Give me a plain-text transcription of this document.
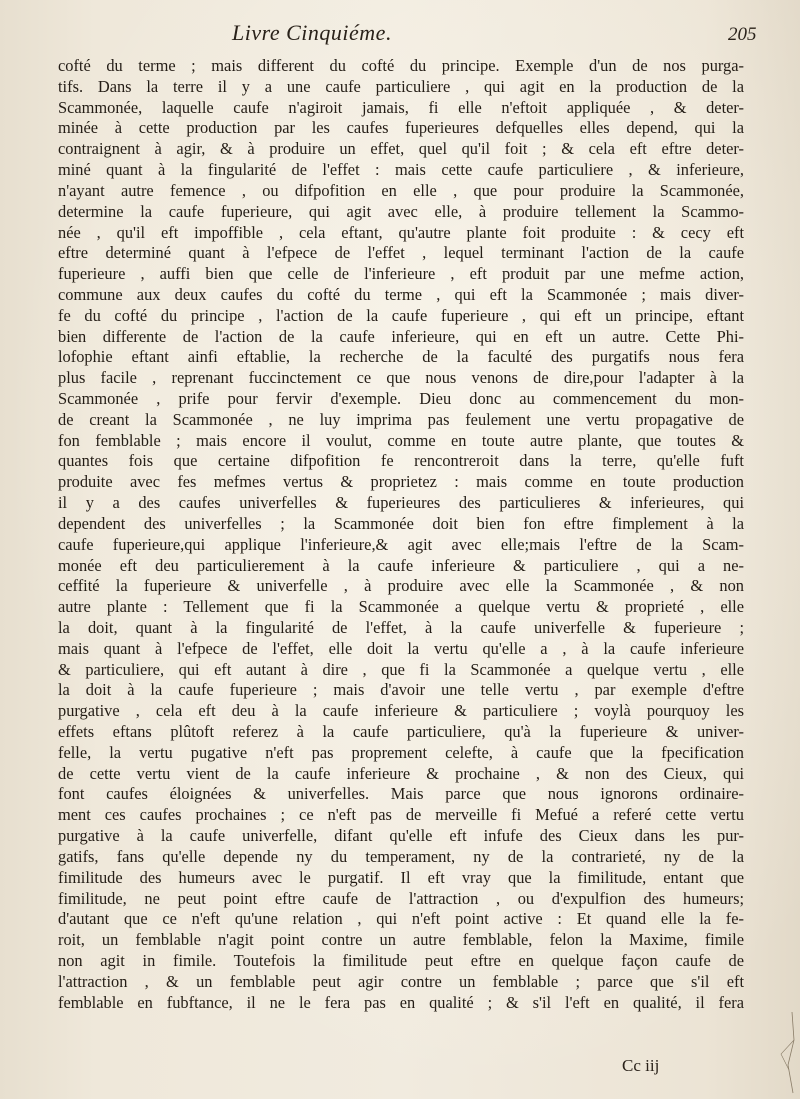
Livre Cinquiéme.	205
cofté du terme ; mais different du cofté du principe. Exemple d'un de nos purga-
tifs. Dans la terre il y a une caufe particuliere , qui agit en la production de la
Scammonée, laquelle caufe n'agiroit jamais, fi elle n'eftoit appliquée , & deter-
minée à cette production par les caufes fuperieures defquelles elles depend, qui la
contraignent à agir, & à produire un effet, quel qu'il foit ; & cela eft eftre deter-
miné quant à la fingularité de l'effet : mais cette caufe particuliere , & inferieure,
n'ayant autre femence , ou difpofition en elle , que pour produire la Scammonée,
determine la caufe fuperieure, qui agit avec elle, à produire tellement la Scammo-
née , qu'il eft impoffible , cela eftant, qu'autre plante foit produite : & cecy eft
eftre determiné quant à l'efpece de l'effet , lequel terminant l'action de la caufe
fuperieure , auffi bien que celle de l'inferieure , eft produit par une mefme action,
commune aux deux caufes du cofté du terme , qui eft la Scammonée ; mais diver-
fe du cofté du principe , l'action de la caufe fuperieure , qui eft un principe, eftant
bien differente de l'action de la caufe inferieure, qui en eft un autre. Cette Phi-
lofophie eftant ainfi eftablie, la recherche de la faculté des purgatifs nous fera
plus facile , reprenant fuccinctement ce que nous venons de dire,pour l'adapter à la
Scammonée , prife pour fervir d'exemple. Dieu donc au commencement du mon-
de creant la Scammonée , ne luy imprima pas feulement une vertu propagative de
fon femblable ; mais encore il voulut, comme en toute autre plante, que toutes &
quantes fois que certaine difpofition fe rencontreroit dans la terre, qu'elle fuft
produite avec fes mefmes vertus & proprietez : mais comme en toute production
il y a des caufes univerfelles & fuperieures des particulieres & inferieures, qui
dependent des univerfelles ; la Scammonée doit bien fon eftre fimplement à la
caufe fuperieure,qui applique l'inferieure,& agit avec elle;mais l'eftre de la Scam-
monée eft deu particulierement à la caufe inferieure & particuliere , qui a ne-
ceffité la fuperieure & univerfelle , à produire avec elle la Scammonée , & non
autre plante : Tellement que fi la Scammonée a quelque vertu & proprieté , elle
la doit, quant à la fingularité de l'effet, à la caufe univerfelle & fuperieure ;
mais quant à l'efpece de l'effet, elle doit la vertu qu'elle a , à la caufe inferieure
& particuliere, qui eft autant à dire , que fi la Scammonée a quelque vertu , elle
la doit à la caufe fuperieure ; mais d'avoir une telle vertu , par exemple d'eftre
purgative , cela eft deu à la caufe inferieure & particuliere ; voylà pourquoy les
effets eftans plûtoft referez à la caufe particuliere, qu'à la fuperieure & univer-
felle, la vertu pugative n'eft pas proprement celefte, à caufe que la fpecification
de cette vertu vient de la caufe inferieure & prochaine , & non des Cieux, qui
font caufes éloignées & univerfelles. Mais parce que nous ignorons ordinaire-
ment ces caufes prochaines ; ce n'eft pas de merveille fi Mefué a referé cette vertu
purgative à la caufe univerfelle, difant qu'elle eft infufe des Cieux dans les pur-
gatifs, fans qu'elle depende ny du temperament, ny de la contrarieté, ny de la
fimilitude des humeurs avec le purgatif. Il eft vray que la fimilitude, entant que
fimilitude, ne peut point eftre caufe de l'attraction , ou d'expulfion des humeurs;
d'autant que ce n'eft qu'une relation , qui n'eft point active : Et quand elle la fe-
roit, un femblable n'agit point contre un autre femblable, felon la Maxime, fimile
non agit in fimile. Toutefois la fimilitude peut eftre en quelque façon caufe de
l'attraction , & un femblable peut agir contre un femblable ; parce que s'il eft
femblable en fubftance, il ne le fera pas en qualité ; & s'il l'eft en qualité, il fera
Cc iij
